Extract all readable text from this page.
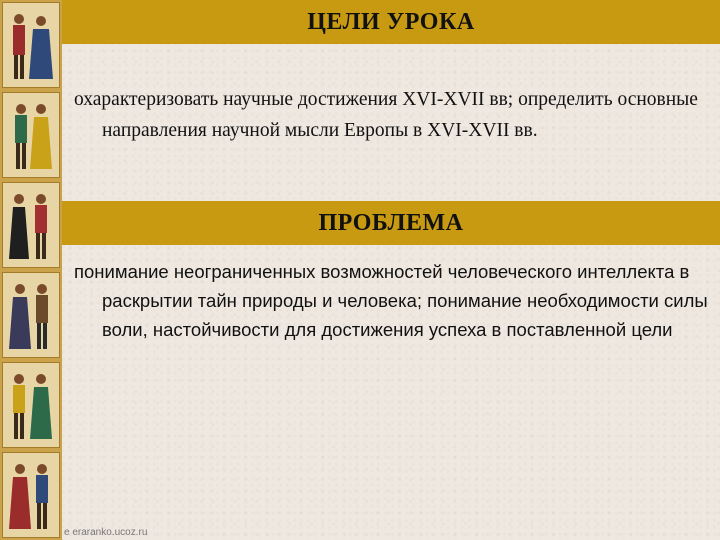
ЦЕЛИ УРОКА

охарактеризовать научные достижения XVI-XVII вв; определить основные направления научной мысли Европы в XVI-XVII вв.

ПРОБЛЕМА

понимание неограниченных возможностей человеческого интеллекта в раскрытии тайн природы и человека; понимание необходимости силы воли, настойчивости для достижения успеха в поставленной цели

e eraranko.ucoz.ru
